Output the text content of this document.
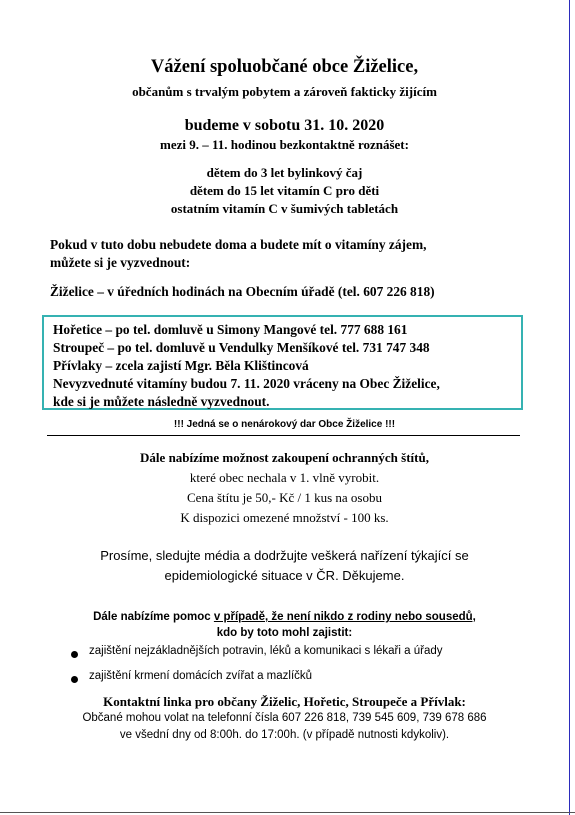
Vážení spoluobčané obce Žiželice,
občanům s trvalým pobytem a zároveň fakticky žijícím
budeme v sobotu 31. 10. 2020
mezi 9. – 11. hodinou bezkontaktně roznášet:
dětem do 3 let bylinkový čaj
dětem do 15 let vitamín C pro děti
ostatním vitamín C v šumivých tabletách
Pokud v tuto dobu nebudete doma a budete mít o vitamíny zájem,
můžete si je vyzvednout:
Žiželice – v úředních hodinách na Obecním úřadě (tel. 607 226 818)
Hořetice – po tel. domluvě u Simony Mangové tel. 777 688 161
Stroupeč – po tel. domluvě u Vendulky Menšíkové tel. 731 747 348
Přívlaky – zcela zajistí Mgr. Běla Klištincová
Nevyzvednuté vitamíny budou 7. 11. 2020 vráceny na Obec Žiželice,
kde si je můžete následně vyzvednout.
!!! Jedná se o nenárokový dar Obce Žiželice !!!
Dále nabízíme možnost zakoupení ochranných štítů,
které obec nechala v 1. vlně vyrobit.
Cena štítu je 50,- Kč / 1 kus na osobu
K dispozici omezené množství - 100 ks.
Prosíme, sledujte média a dodržujte veškerá nařízení týkající se
epidemiologické situace v ČR. Děkujeme.
Dále nabízíme pomoc v případě, že není nikdo z rodiny nebo sousedů,
kdo by toto mohl zajistit:
zajištění nejzákladnějších potravin, léků a komunikaci s lékaři a úřady
zajištění krmení domácích zvířat a mazlíčků
Kontaktní linka pro občany Žiželic, Hořetic, Stroupeče a Přívlak:
Občané mohou volat na telefonní čísla 607 226 818, 739 545 609, 739 678 686
ve všední dny od 8:00h. do 17:00h. (v případě nutnosti kdykoliv).
